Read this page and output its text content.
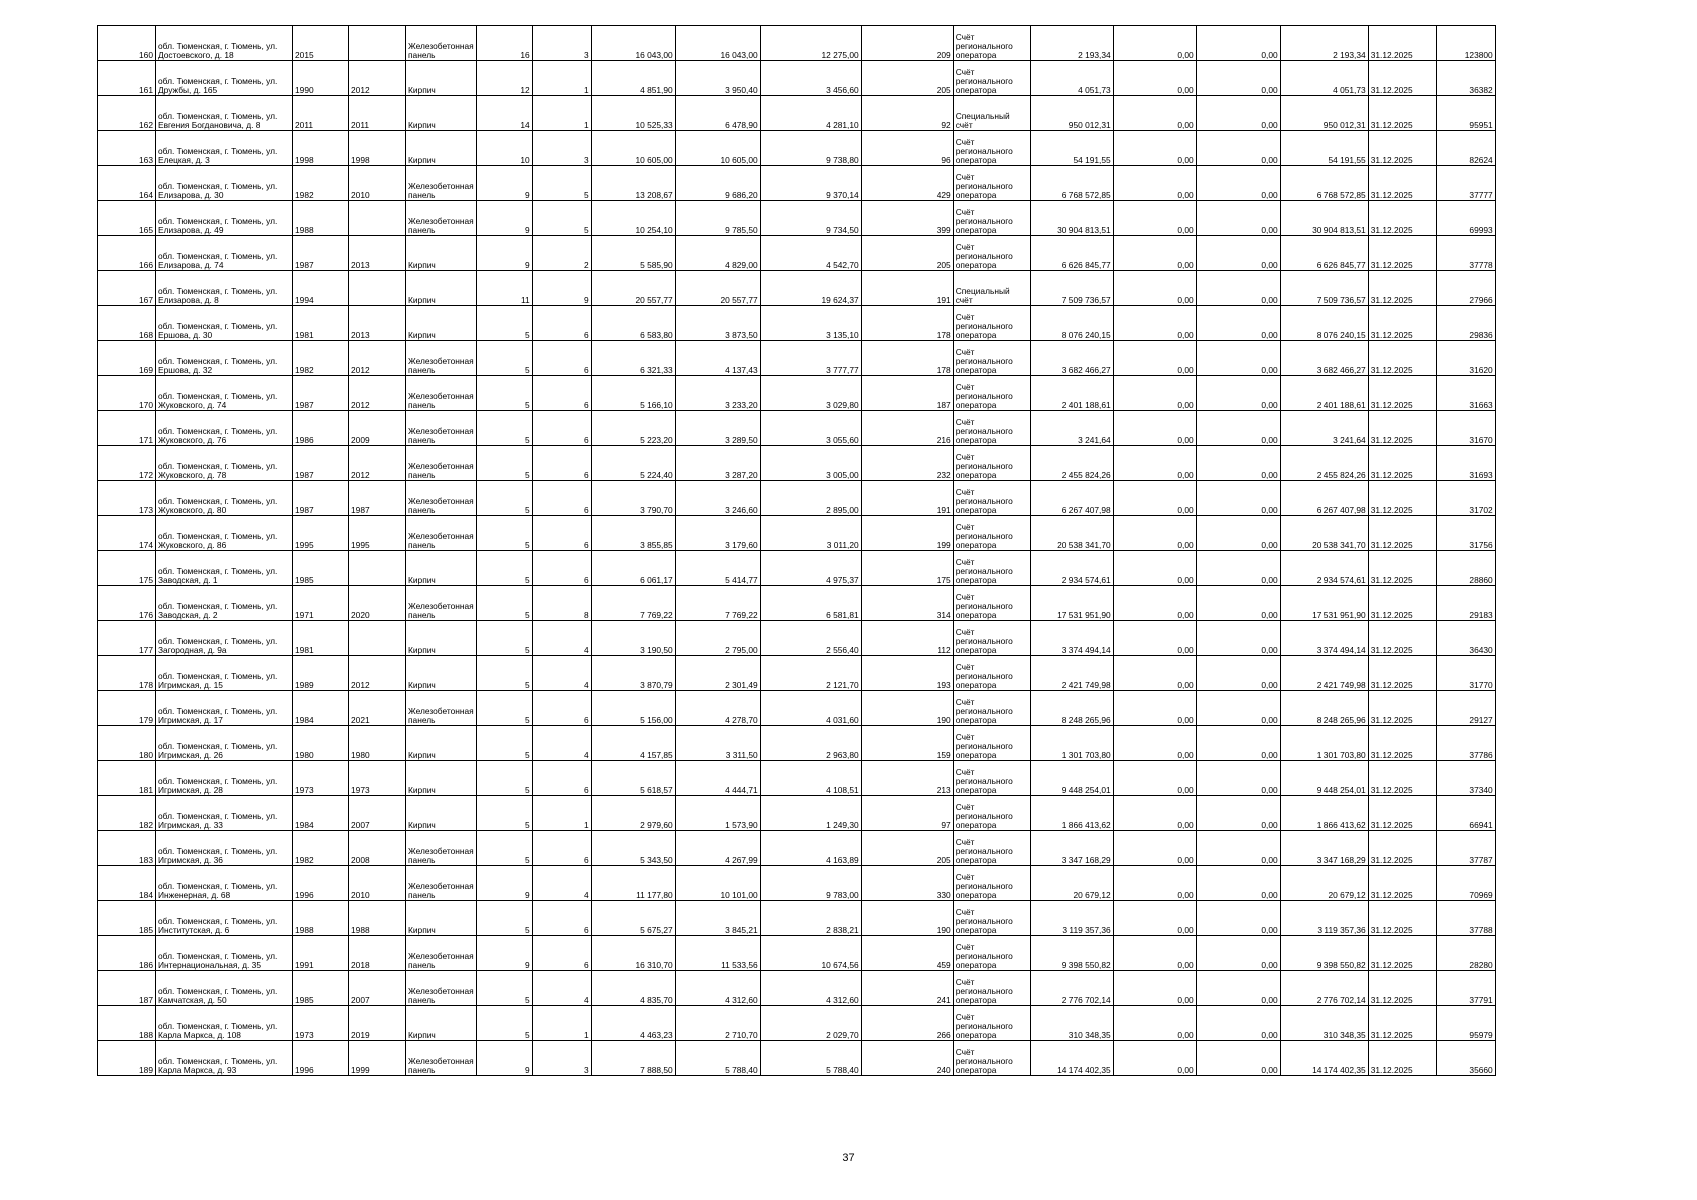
160	обл. Тюменская, г. Тюмень, ул. Достоевского, д. 18	2015		Железобетонная панель	16	3	16 043,00	16 043,00	12 275,00	209	Счёт регионального оператора	2 193,34	0,00	0,00	2 193,34	31.12.2025	123800
161	обл. Тюменская, г. Тюмень, ул. Дружбы, д. 165	1990	2012	Кирпич	12	1	4 851,90	3 950,40	3 456,60	205	Счёт регионального оператора	4 051,73	0,00	0,00	4 051,73	31.12.2025	36382
162	обл. Тюменская, г. Тюмень, ул. Евгения Богдановича, д. 8	2011	2011	Кирпич	14	1	10 525,33	6 478,90	4 281,10	92	Специальный счёт	950 012,31	0,00	0,00	950 012,31	31.12.2025	95951
163	обл. Тюменская, г. Тюмень, ул. Елецкая, д. 3	1998	1998	Кирпич	10	3	10 605,00	10 605,00	9 738,80	96	Счёт регионального оператора	54 191,55	0,00	0,00	54 191,55	31.12.2025	82624
164	обл. Тюменская, г. Тюмень, ул. Елизарова, д. 30	1982	2010	Железобетонная панель	9	5	13 208,67	9 686,20	9 370,14	429	Счёт регионального оператора	6 768 572,85	0,00	0,00	6 768 572,85	31.12.2025	37777
165	обл. Тюменская, г. Тюмень, ул. Елизарова, д. 49	1988		Железобетонная панель	9	5	10 254,10	9 785,50	9 734,50	399	Счёт регионального оператора	30 904 813,51	0,00	0,00	30 904 813,51	31.12.2025	69993
166	обл. Тюменская, г. Тюмень, ул. Елизарова, д. 74	1987	2013	Кирпич	9	2	5 585,90	4 829,00	4 542,70	205	Счёт регионального оператора	6 626 845,77	0,00	0,00	6 626 845,77	31.12.2025	37778
167	обл. Тюменская, г. Тюмень, ул. Елизарова, д. 8	1994		Кирпич	11	9	20 557,77	20 557,77	19 624,37	191	Специальный счёт	7 509 736,57	0,00	0,00	7 509 736,57	31.12.2025	27966
168	обл. Тюменская, г. Тюмень, ул. Ершова, д. 30	1981	2013	Кирпич	5	6	6 583,80	3 873,50	3 135,10	178	Счёт регионального оператора	8 076 240,15	0,00	0,00	8 076 240,15	31.12.2025	29836
169	обл. Тюменская, г. Тюмень, ул. Ершова, д. 32	1982	2012	Железобетонная панель	5	6	6 321,33	4 137,43	3 777,77	178	Счёт регионального оператора	3 682 466,27	0,00	0,00	3 682 466,27	31.12.2025	31620
170	обл. Тюменская, г. Тюмень, ул. Жуковского, д. 74	1987	2012	Железобетонная панель	5	6	5 166,10	3 233,20	3 029,80	187	Счёт регионального оператора	2 401 188,61	0,00	0,00	2 401 188,61	31.12.2025	31663
171	обл. Тюменская, г. Тюмень, ул. Жуковского, д. 76	1986	2009	Железобетонная панель	5	6	5 223,20	3 289,50	3 055,60	216	Счёт регионального оператора	3 241,64	0,00	0,00	3 241,64	31.12.2025	31670
172	обл. Тюменская, г. Тюмень, ул. Жуковского, д. 78	1987	2012	Железобетонная панель	5	6	5 224,40	3 287,20	3 005,00	232	Счёт регионального оператора	2 455 824,26	0,00	0,00	2 455 824,26	31.12.2025	31693
173	обл. Тюменская, г. Тюмень, ул. Жуковского, д. 80	1987	1987	Железобетонная панель	5	6	3 790,70	3 246,60	2 895,00	191	Счёт регионального оператора	6 267 407,98	0,00	0,00	6 267 407,98	31.12.2025	31702
174	обл. Тюменская, г. Тюмень, ул. Жуковского, д. 86	1995	1995	Железобетонная панель	5	6	3 855,85	3 179,60	3 011,20	199	Счёт регионального оператора	20 538 341,70	0,00	0,00	20 538 341,70	31.12.2025	31756
175	обл. Тюменская, г. Тюмень, ул. Заводская, д. 1	1985		Кирпич	5	6	6 061,17	5 414,77	4 975,37	175	Счёт регионального оператора	2 934 574,61	0,00	0,00	2 934 574,61	31.12.2025	28860
176	обл. Тюменская, г. Тюмень, ул. Заводская, д. 2	1971	2020	Железобетонная панель	5	8	7 769,22	7 769,22	6 581,81	314	Счёт регионального оператора	17 531 951,90	0,00	0,00	17 531 951,90	31.12.2025	29183
177	обл. Тюменская, г. Тюмень, ул. Загородная, д. 9а	1981		Кирпич	5	4	3 190,50	2 795,00	2 556,40	112	Счёт регионального оператора	3 374 494,14	0,00	0,00	3 374 494,14	31.12.2025	36430
178	обл. Тюменская, г. Тюмень, ул. Игримская, д. 15	1989	2012	Кирпич	5	4	3 870,79	2 301,49	2 121,70	193	Счёт регионального оператора	2 421 749,98	0,00	0,00	2 421 749,98	31.12.2025	31770
179	обл. Тюменская, г. Тюмень, ул. Игримская, д. 17	1984	2021	Железобетонная панель	5	6	5 156,00	4 278,70	4 031,60	190	Счёт регионального оператора	8 248 265,96	0,00	0,00	8 248 265,96	31.12.2025	29127
180	обл. Тюменская, г. Тюмень, ул. Игримская, д. 26	1980	1980	Кирпич	5	4	4 157,85	3 311,50	2 963,80	159	Счёт регионального оператора	1 301 703,80	0,00	0,00	1 301 703,80	31.12.2025	37786
181	обл. Тюменская, г. Тюмень, ул. Игримская, д. 28	1973	1973	Кирпич	5	6	5 618,57	4 444,71	4 108,51	213	Счёт регионального оператора	9 448 254,01	0,00	0,00	9 448 254,01	31.12.2025	37340
182	обл. Тюменская, г. Тюмень, ул. Игримская, д. 33	1984	2007	Кирпич	5	1	2 979,60	1 573,90	1 249,30	97	Счёт регионального оператора	1 866 413,62	0,00	0,00	1 866 413,62	31.12.2025	66941
183	обл. Тюменская, г. Тюмень, ул. Игримская, д. 36	1982	2008	Железобетонная панель	5	6	5 343,50	4 267,99	4 163,89	205	Счёт регионального оператора	3 347 168,29	0,00	0,00	3 347 168,29	31.12.2025	37787
184	обл. Тюменская, г. Тюмень, ул. Инженерная, д. 68	1996	2010	Железобетонная панель	9	4	11 177,80	10 101,00	9 783,00	330	Счёт регионального оператора	20 679,12	0,00	0,00	20 679,12	31.12.2025	70969
185	обл. Тюменская, г. Тюмень, ул. Институтская, д. 6	1988	1988	Кирпич	5	6	5 675,27	3 845,21	2 838,21	190	Счёт регионального оператора	3 119 357,36	0,00	0,00	3 119 357,36	31.12.2025	37788
186	обл. Тюменская, г. Тюмень, ул. Интернациональная, д. 35	1991	2018	Железобетонная панель	9	6	16 310,70	11 533,56	10 674,56	459	Счёт регионального оператора	9 398 550,82	0,00	0,00	9 398 550,82	31.12.2025	28280
187	обл. Тюменская, г. Тюмень, ул. Камчатская, д. 50	1985	2007	Железобетонная панель	5	4	4 835,70	4 312,60	4 312,60	241	Счёт регионального оператора	2 776 702,14	0,00	0,00	2 776 702,14	31.12.2025	37791
188	обл. Тюменская, г. Тюмень, ул. Карла Маркса, д. 108	1973	2019	Кирпич	5	1	4 463,23	2 710,70	2 029,70	266	Счёт регионального оператора	310 348,35	0,00	0,00	310 348,35	31.12.2025	95979
189	обл. Тюменская, г. Тюмень, ул. Карла Маркса, д. 93	1996	1999	Железобетонная панель	9	3	7 888,50	5 788,40	5 788,40	240	Счёт регионального оператора	14 174 402,35	0,00	0,00	14 174 402,35	31.12.2025	35660
37
